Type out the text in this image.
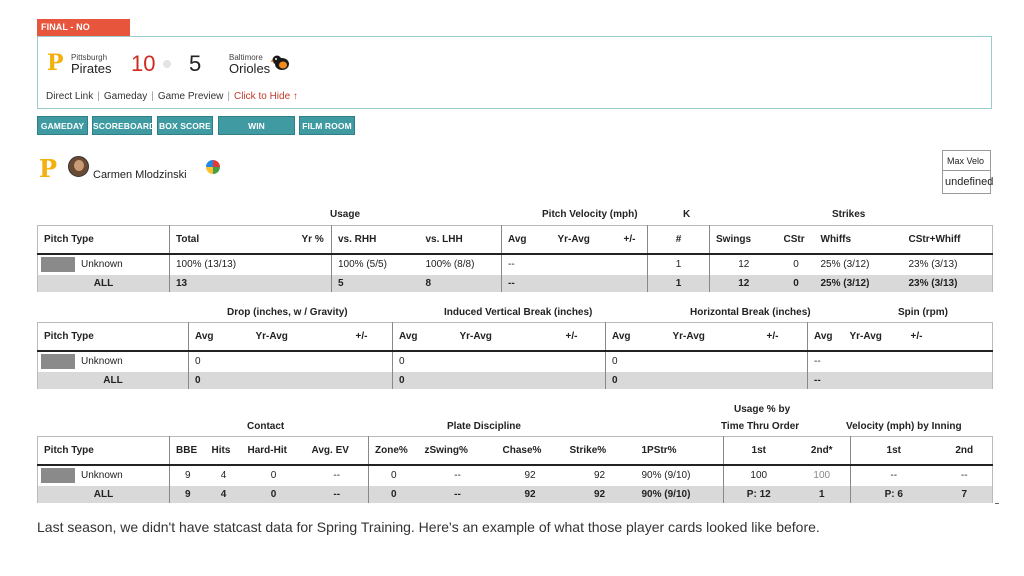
FINAL - NO
P Pittsburgh
Pirates 10 5	Baltimore
Orioles
Direct Link | Gameday | Game Preview | Click to Hide ↑
GAMEDAY	SCOREBOARD BOX SCORE	WIN PROBABILITY
FILM ROOM
P	Carmen Mlodzinski
Max Velo
undefined
Usage	Pitch Velocity (mph)	K	Strikes
Pitch Type	Total	Yr %	vs. RHH	vs. LHH	Avg	Yr-Avg	+/-	#	Swings	CStr	Whiffs	CStr+Whiff
Unknown	100% (13/13)		100% (5/5)	100% (8/8)	--			1	12	0	25% (3/12)	23% (3/13)
ALL	13		5	8	--			1	12	0	25% (3/12)	23% (3/13)
Drop (inches, w / Gravity)	Induced Vertical Break (inches)	Horizontal Break (inches)	Spin (rpm)
Pitch Type	Avg	Yr-Avg	+/-	Avg	Yr-Avg	+/-	Avg	Yr-Avg	+/-	Avg	Yr-Avg	+/-
Unknown	0			0			0			--		
ALL	0			0			0			--		
Contact	Plate Discipline
Usage % by
Time Thru Order	Velocity (mph) by Inning
Pitch Type	BBE	Hits	Hard-Hit	Avg. EV	Zone%	zSwing%	Chase%	Strike%	1PStr%	1st	2nd*	1st	2nd
Unknown	9	4	0	--	0	--	92	92	90% (9/10)	100	100	--	--
ALL	9	4	0	--	0	--	92	92	90% (9/10)	P: 12	1	P: 6	7
Last season, we didn't have statcast data for Spring Training. Here's an example of what those player cards looked like before.
